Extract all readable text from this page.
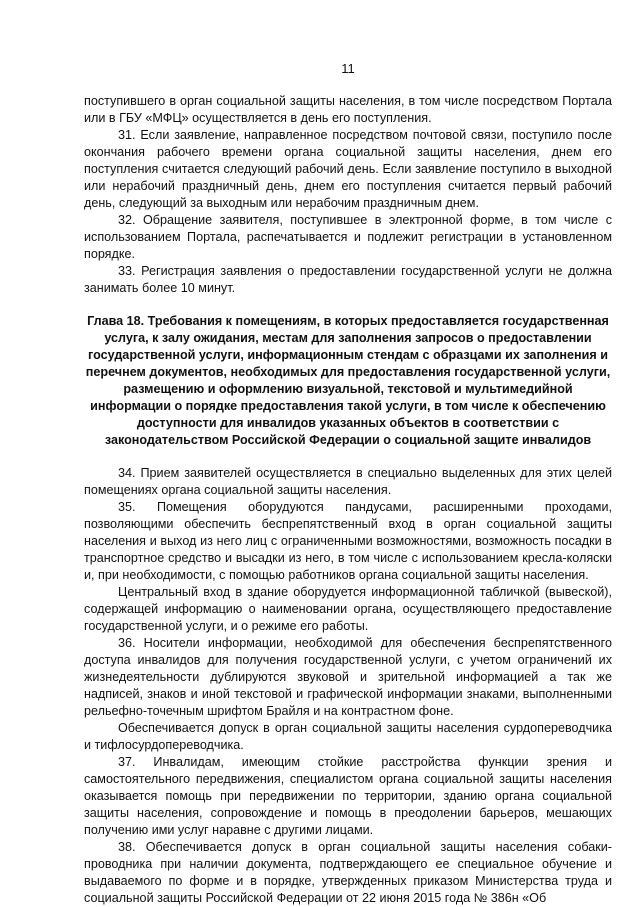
11

поступившего в орган социальной защиты населения, в том числе посредством Портала или в ГБУ «МФЦ» осуществляется в день его поступления.

31. Если заявление, направленное посредством почтовой связи, поступило после окончания рабочего времени органа социальной защиты населения, днем его поступления считается следующий рабочий день. Если заявление поступило в выходной или нерабочий праздничный день, днем его поступления считается первый рабочий день, следующий за выходным или нерабочим праздничным днем.

32. Обращение заявителя, поступившее в электронной форме, в том числе с использованием Портала, распечатывается и подлежит регистрации в установленном порядке.

33. Регистрация заявления о предоставлении государственной услуги не должна занимать более 10 минут.

Глава 18. Требования к помещениям, в которых предоставляется государственная услуга, к залу ожидания, местам для заполнения запросов о предоставлении государственной услуги, информационным стендам с образцами их заполнения и перечнем документов, необходимых для предоставления государственной услуги, размещению и оформлению визуальной, текстовой и мультимедийной информации о порядке предоставления такой услуги, в том числе к обеспечению доступности для инвалидов указанных объектов в соответствии с законодательством Российской Федерации о социальной защите инвалидов

34. Прием заявителей осуществляется в специально выделенных для этих целей помещениях органа социальной защиты населения.

35. Помещения оборудуются пандусами, расширенными проходами, позволяющими обеспечить беспрепятственный вход в орган социальной защиты населения и выход из него лиц с ограниченными возможностями, возможность посадки в транспортное средство и высадки из него, в том числе с использованием кресла-коляски и, при необходимости, с помощью работников органа социальной защиты населения.

Центральный вход в здание оборудуется информационной табличкой (вывеской), содержащей информацию о наименовании органа, осуществляющего предоставление государственной услуги, и о режиме его работы.

36. Носители информации, необходимой для обеспечения беспрепятственного доступа инвалидов для получения государственной услуги, с учетом ограничений их жизнедеятельности дублируются звуковой и зрительной информацией а так же надписей, знаков и иной текстовой и графической информации знаками, выполненными рельефно-точечным шрифтом Брайля и на контрастном фоне.

Обеспечивается допуск в орган социальной защиты населения сурдопереводчика и тифлосурдопереводчика.

37. Инвалидам, имеющим стойкие расстройства функции зрения и самостоятельного передвижения, специалистом органа социальной защиты населения оказывается помощь при передвижении по территории, зданию органа социальной защиты населения, сопровождение и помощь в преодолении барьеров, мешающих получению ими услуг наравне с другими лицами.

38. Обеспечивается допуск в орган социальной защиты населения собаки-проводника при наличии документа, подтверждающего ее специальное обучение и выдаваемого по форме и в порядке, утвержденных приказом Министерства труда и социальной защиты Российской Федерации от 22 июня 2015 года № 386н «Об
